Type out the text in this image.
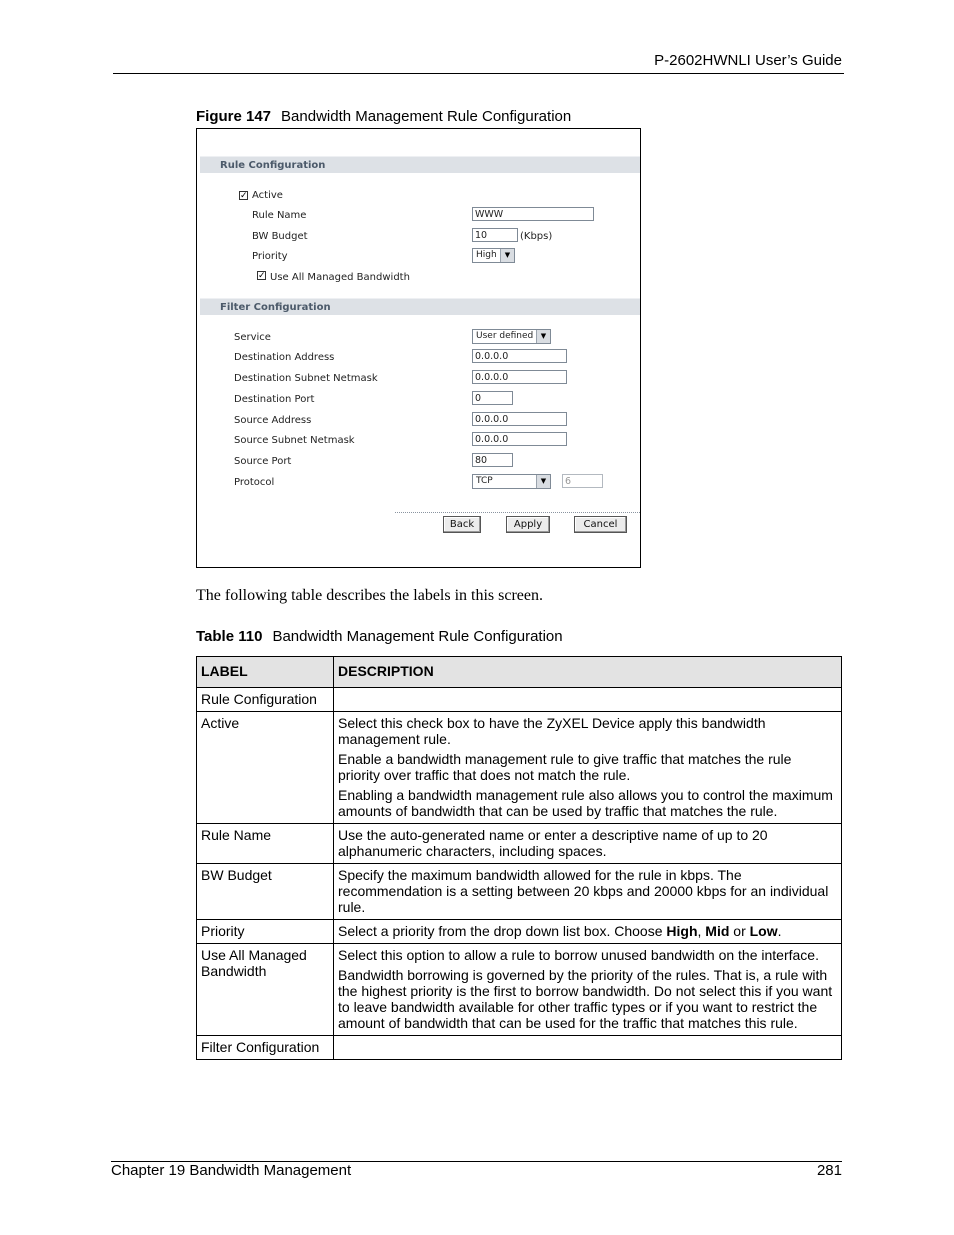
P-2602HWNLI User’s Guide
Figure 147 Bandwidth Management Rule Configuration
Rule Configuration
✓ Active
Rule Name	WWW
BW Budget	10	(Kbps)
Priority	High	▼
✓ Use All Managed Bandwidth
Filter Configuration
Service	User defined	▼
Destination Address	0.0.0.0
Destination Subnet Netmask	0.0.0.0
Destination Port	0
Source Address	0.0.0.0
Source Subnet Netmask	0.0.0.0
Source Port	80
Protocol	TCP	▼	6
Back	Apply	Cancel
The following table describes the labels in this screen.
Table 110 Bandwidth Management Rule Configuration
LABEL	DESCRIPTION
Rule Configuration	

Active	Select this check box to have the ZyXEL Device apply this bandwidth management rule.

Enable a bandwidth management rule to give traffic that matches the rule priority over traffic that does not match the rule.

Enabling a bandwidth management rule also allows you to control the maximum amounts of bandwidth that can be used by traffic that matches the rule.

Rule Name	Use the auto-generated name or enter a descriptive name of up to 20 alphanumeric characters, including spaces.

BW Budget	Specify the maximum bandwidth allowed for the rule in kbps. The recommendation is a setting between 20 kbps and 20000 kbps for an individual rule.

Priority	Select a priority from the drop down list box. Choose High, Mid or Low.

Use All Managed Bandwidth	Select this option to allow a rule to borrow unused bandwidth on the interface.

Bandwidth borrowing is governed by the priority of the rules. That is, a rule with the highest priority is the first to borrow bandwidth. Do not select this if you want to leave bandwidth available for other traffic types or if you want to restrict the amount of bandwidth that can be used for the traffic that matches this rule.

Filter Configuration	

Chapter 19 Bandwidth Management	281
